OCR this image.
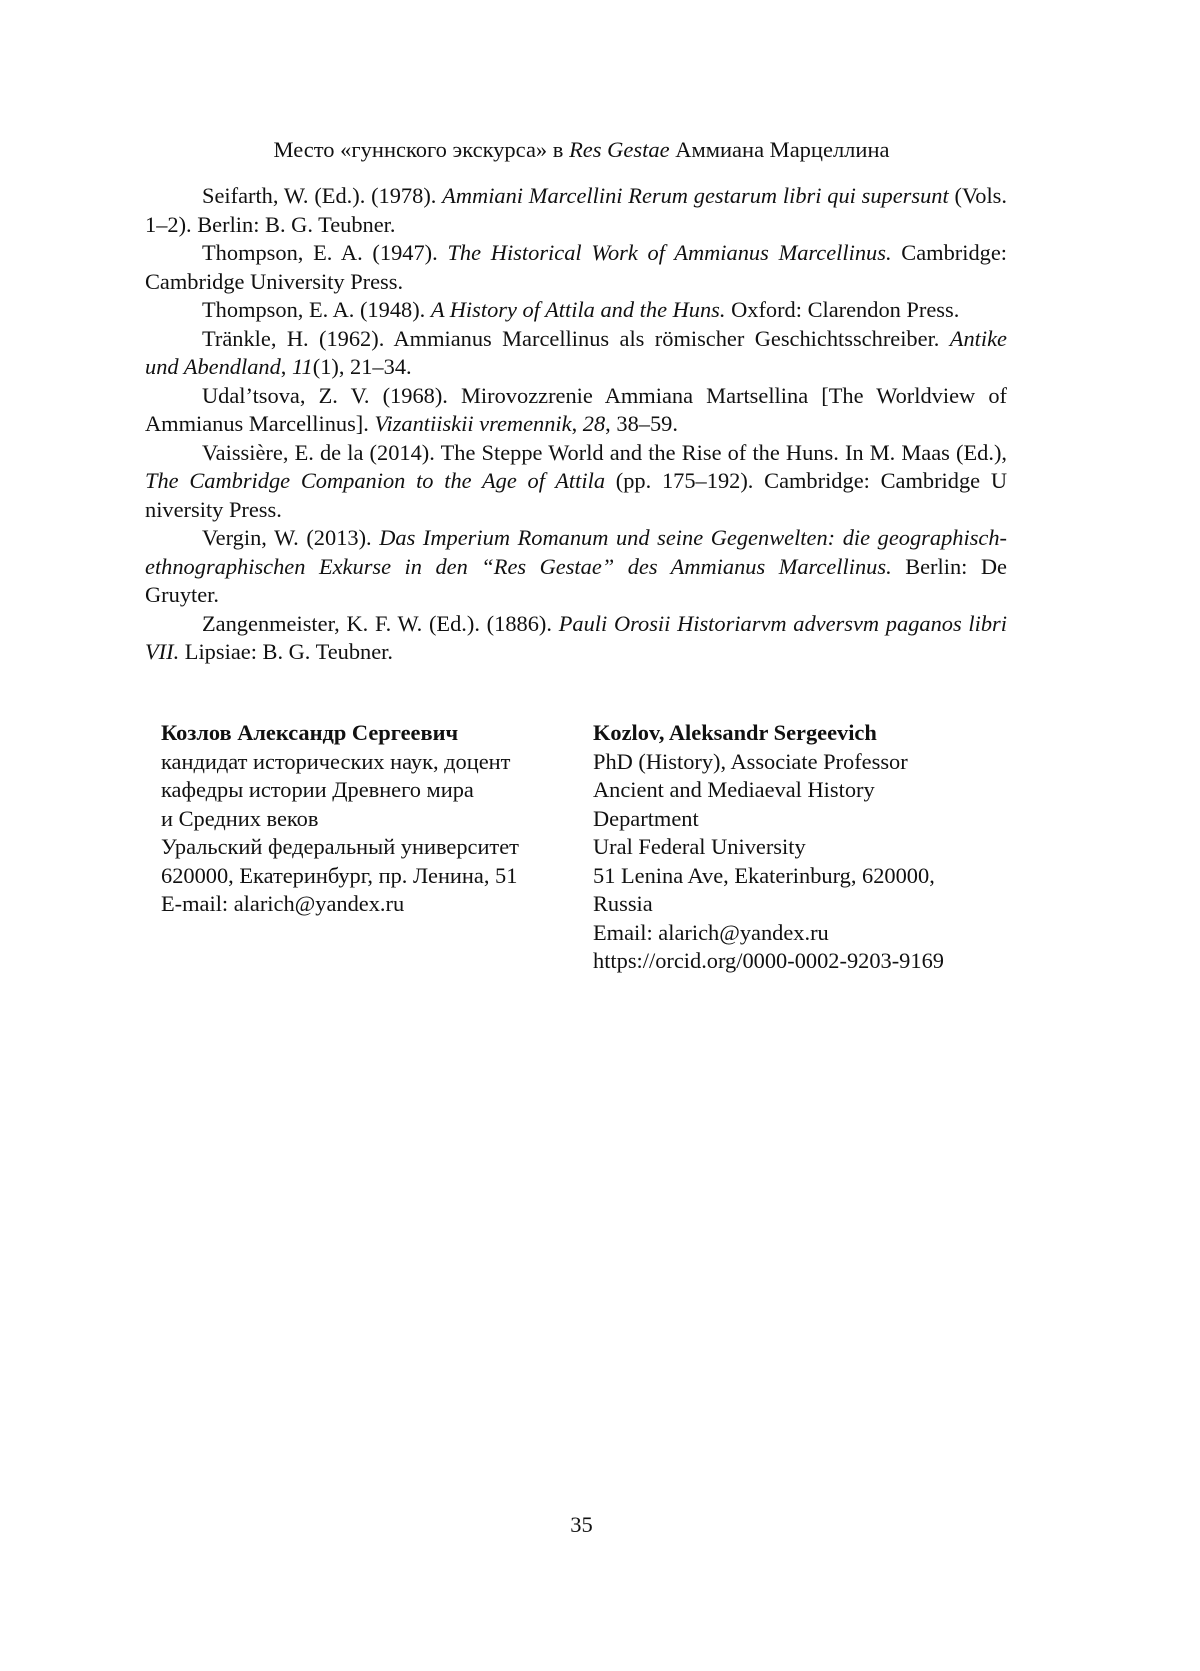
Место «гуннского экскурса» в Res Gestae Аммиана Марцеллина

Seifarth, W. (Ed.). (1978). Ammiani Marcellini Rerum gestarum libri qui supersunt (Vols. 1–2). Berlin: B. G. Teubner.

Thompson, E. A. (1947). The Historical Work of Ammianus Marcellinus. Cambridge: Cambridge University Press.

Thompson, E. A. (1948). A History of Attila and the Huns. Oxford: Clarendon Press.

Tränkle, H. (1962). Ammianus Marcellinus als römischer Geschichtsschreiber. Antike und Abendland, 11(1), 21–34.

Udal’tsova, Z. V. (1968). Mirovozzrenie Ammiana Martsellina [The Worldview of Ammianus Marcellinus]. Vizantiiskii vremennik, 28, 38–59.

Vaissière, E. de la (2014). The Steppe World and the Rise of the Huns. In M. Maas (Ed.), The Cambridge Companion to the Age of Attila (pp. 175–192). Cambridge: Cambridge U niversity Press.

Vergin, W. (2013). Das Imperium Romanum und seine Gegenwelten: die geographisch-ethnographischen Exkurse in den “Res Gestae” des Ammianus Marcellinus. Berlin: De Gruyter.

Zangenmeister, K. F. W. (Ed.). (1886). Pauli Orosii Historiarvm adversvm paganos libri VII. Lipsiae: B. G. Teubner.

Козлов Александр Сергеевич
кандидат исторических наук, доцент
кафедры истории Древнего мира
и Средних веков
Уральский федеральный университет
620000, Екатеринбург, пр. Ленина, 51
E-mail: alarich@yandex.ru
Kozlov, Aleksandr Sergeevich
PhD (History), Associate Professor
Ancient and Mediaeval History
Department
Ural Federal University
51 Lenina Ave, Ekaterinburg, 620000,
Russia
Email: alarich@yandex.ru
https://orcid.org/0000-0002-9203-9169
35
